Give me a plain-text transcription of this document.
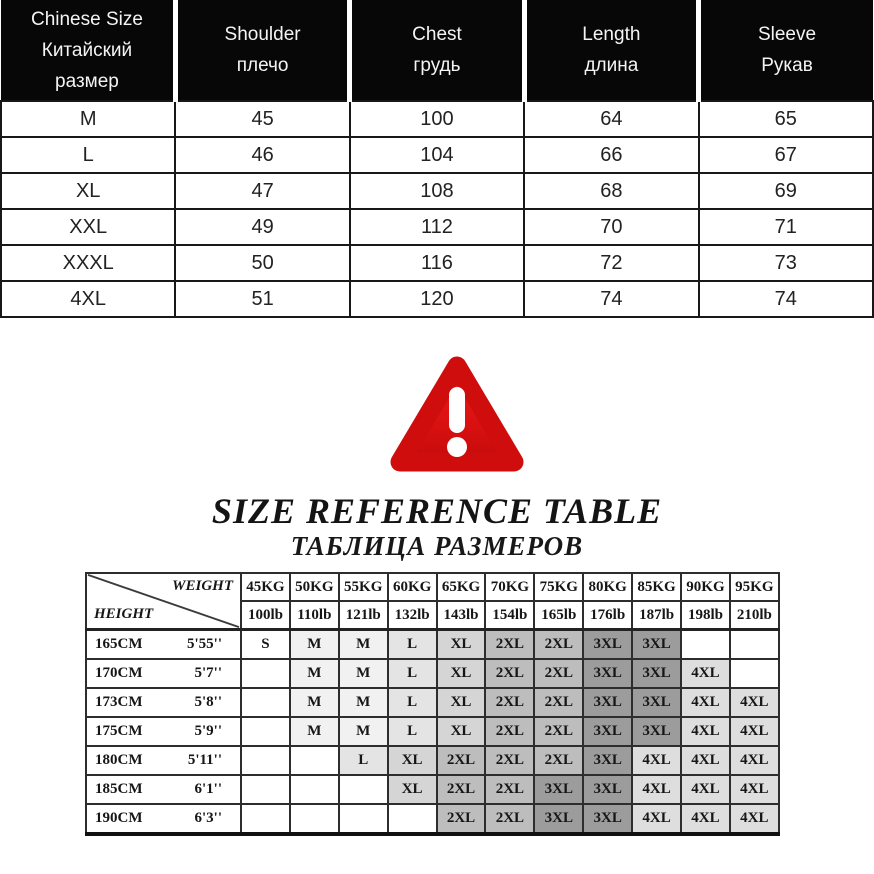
Chinese Size
Китайский
размер

Shoulder
плечо

Chest
грудь

Length
длина

Sleeve
Рукав

M	45	100	64	65
L	46	104	66	67
XL	47	108	68	69
XXL	49	112	70	71
XXXL	50	116	72	73
4XL	51	120	74	74
SIZE REFERENCE TABLE
ТАБЛИЦА РАЗМЕРОВ
WEIGHT
HEIGHT	45KG	50KG	55KG	60KG	65KG	70KG	75KG	80KG	85KG	90KG	95KG
	100lb	110lb	121lb	132lb	143lb	154lb	165lb	176lb	187lb	198lb	210lb

165CM 5'55''	S	M	M	L	XL	2XL	2XL	3XL	3XL		

170CM 5'7''		M	M	L	XL	2XL	2XL	3XL	3XL	4XL	

173CM 5'8''		M	M	L	XL	2XL	2XL	3XL	3XL	4XL	4XL

175CM 5'9''		M	M	L	XL	2XL	2XL	3XL	3XL	4XL	4XL

180CM 5'11''			L	XL	2XL	2XL	2XL	3XL	4XL	4XL	4XL

185CM 6'1''				XL	2XL	2XL	3XL	3XL	4XL	4XL	4XL

190CM 6'3''					2XL	2XL	3XL	3XL	4XL	4XL	4XL
